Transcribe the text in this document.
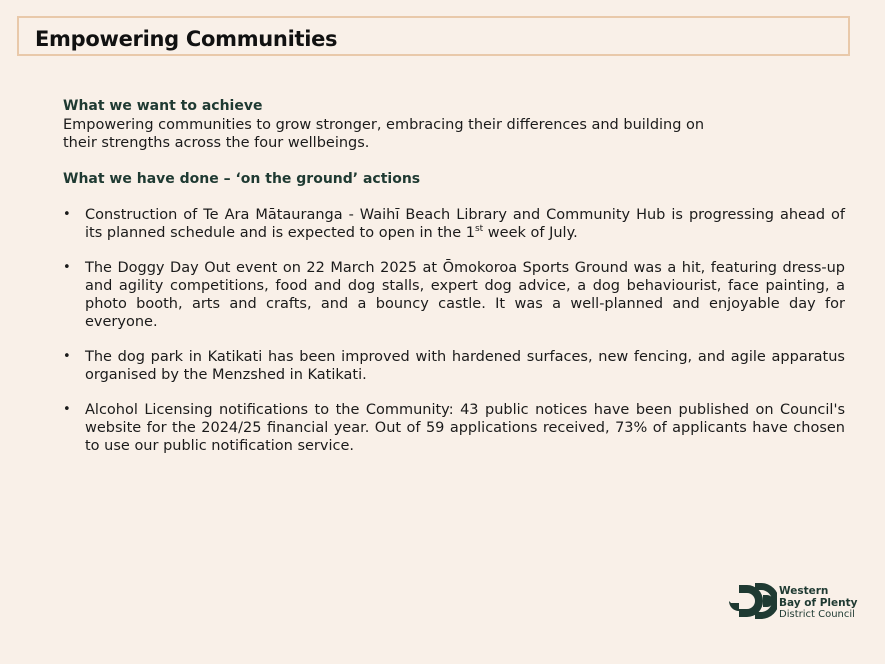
Empowering Communities

What we want to achieve

Empowering communities to grow stronger, embracing their differences and building on their strengths across the four wellbeings.

What we have done – ‘on the ground’ actions

• Construction of Te Ara Mātauranga - Waihī Beach Library and Community Hub is progressing ahead of its planned schedule and is expected to open in the 1st week of July.
• The Doggy Day Out event on 22 March 2025 at Ōmokoroa Sports Ground was a hit, featuring dress-up and agility competitions, food and dog stalls, expert dog advice, a dog behaviourist, face painting, a photo booth, arts and crafts, and a bouncy castle. It was a well-planned and enjoyable day for everyone.
• The dog park in Katikati has been improved with hardened surfaces, new fencing, and agile apparatus organised by the Menzshed in Katikati.
• Alcohol Licensing notifications to the Community: 43 public notices have been published on Council's website for the 2024/25 financial year. Out of 59 applications received, 73% of applicants have chosen to use our public notification service.
Western
Bay of Plenty
District Council
